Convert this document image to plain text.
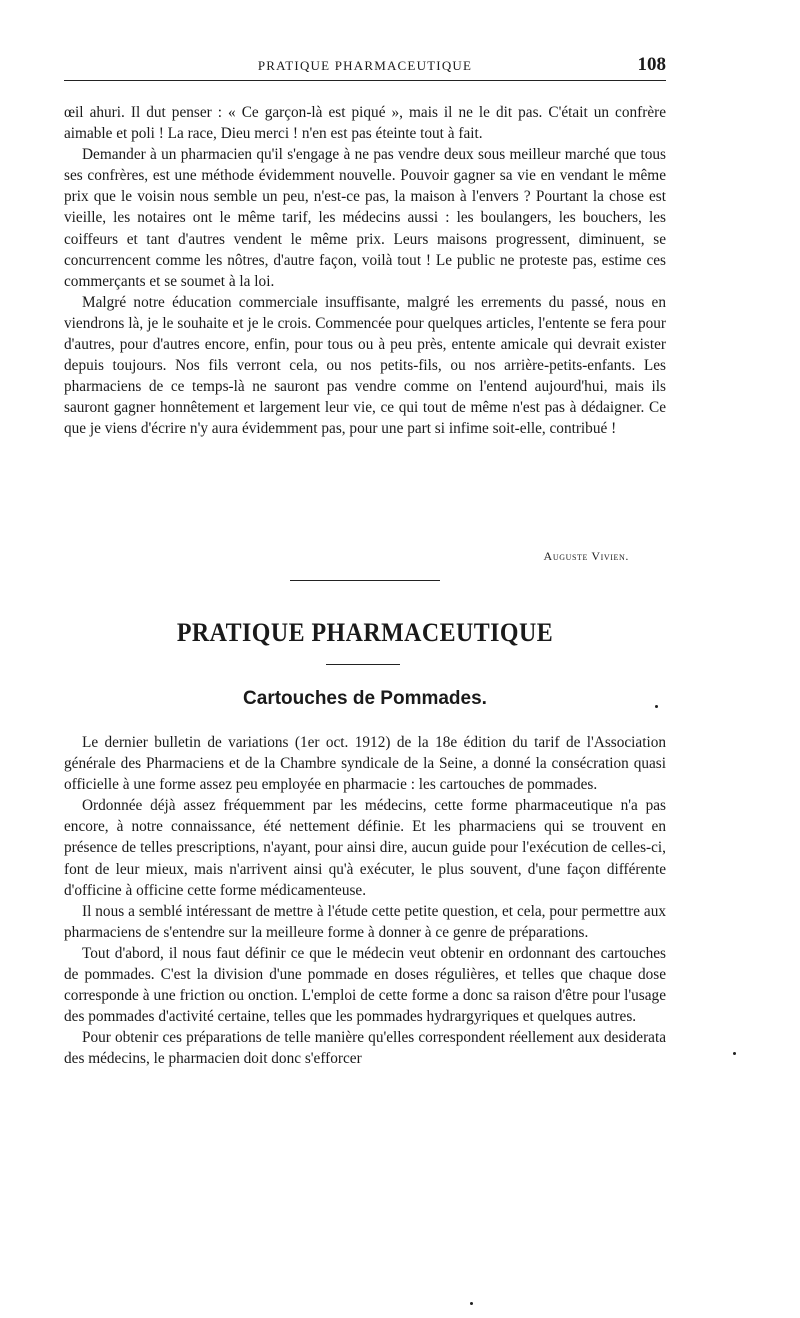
PRATIQUE PHARMACEUTIQUE	108

œil ahuri. Il dut penser : « Ce garçon-là est piqué », mais il ne le dit pas. C'était un confrère aimable et poli ! La race, Dieu merci ! n'en est pas éteinte tout à fait.

Demander à un pharmacien qu'il s'engage à ne pas vendre deux sous meilleur marché que tous ses confrères, est une méthode évidemment nouvelle. Pouvoir gagner sa vie en vendant le même prix que le voisin nous semble un peu, n'est-ce pas, la maison à l'envers ? Pourtant la chose est vieille, les notaires ont le même tarif, les médecins aussi : les boulangers, les bouchers, les coiffeurs et tant d'autres vendent le même prix. Leurs maisons progressent, diminuent, se concurrencent comme les nôtres, d'autre façon, voilà tout ! Le public ne proteste pas, estime ces commerçants et se soumet à la loi.

Malgré notre éducation commerciale insuffisante, malgré les errements du passé, nous en viendrons là, je le souhaite et je le crois. Commencée pour quelques articles, l'entente se fera pour d'autres, pour d'autres encore, enfin, pour tous ou à peu près, entente amicale qui devrait exister depuis toujours. Nos fils verront cela, ou nos petits-fils, ou nos arrière-petits-enfants. Les pharmaciens de ce temps-là ne sauront pas vendre comme on l'entend aujourd'hui, mais ils sauront gagner honnêtement et largement leur vie, ce qui tout de même n'est pas à dédaigner. Ce que je viens d'écrire n'y aura évidemment pas, pour une part si infime soit-elle, contribué !

Auguste Vivien.
PRATIQUE PHARMACEUTIQUE
Cartouches de Pommades.

Le dernier bulletin de variations (1er oct. 1912) de la 18e édition du tarif de l'Association générale des Pharmaciens et de la Chambre syndicale de la Seine, a donné la consécration quasi officielle à une forme assez peu employée en pharmacie : les cartouches de pommades.

Ordonnée déjà assez fréquemment par les médecins, cette forme pharmaceutique n'a pas encore, à notre connaissance, été nettement définie. Et les pharmaciens qui se trouvent en présence de telles prescriptions, n'ayant, pour ainsi dire, aucun guide pour l'exécution de celles-ci, font de leur mieux, mais n'arrivent ainsi qu'à exécuter, le plus souvent, d'une façon différente d'officine à officine cette forme médicamenteuse.

Il nous a semblé intéressant de mettre à l'étude cette petite question, et cela, pour permettre aux pharmaciens de s'entendre sur la meilleure forme à donner à ce genre de préparations.

Tout d'abord, il nous faut définir ce que le médecin veut obtenir en ordonnant des cartouches de pommades. C'est la division d'une pommade en doses régulières, et telles que chaque dose corresponde à une friction ou onction. L'emploi de cette forme a donc sa raison d'être pour l'usage des pommades d'activité certaine, telles que les pommades hydrargyriques et quelques autres.

Pour obtenir ces préparations de telle manière qu'elles correspondent réellement aux desiderata des médecins, le pharmacien doit donc s'efforcer
